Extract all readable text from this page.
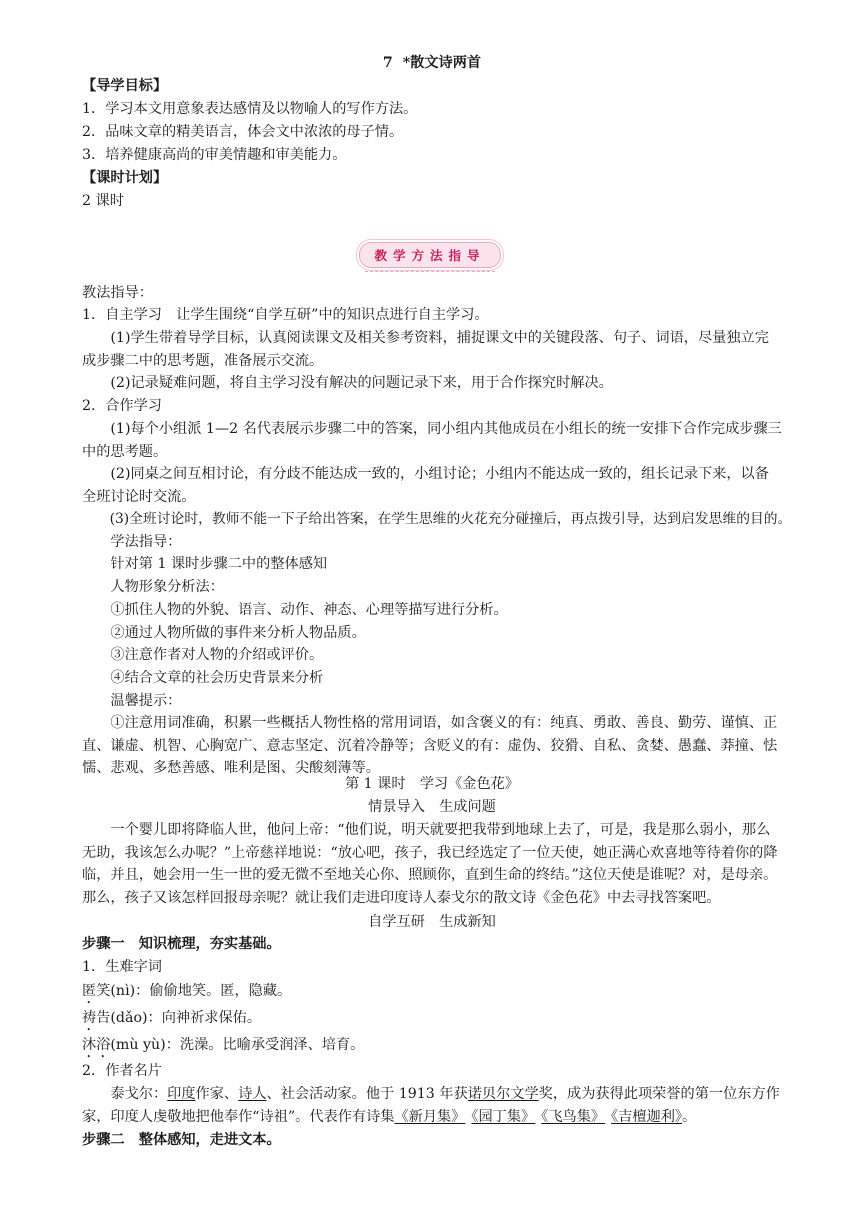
7 *散文诗两首
【导学目标】
1．学习本文用意象表达感情及以物喻人的写作方法。
2．品味文章的精美语言，体会文中浓浓的母子情。
3．培养健康高尚的审美情趣和审美能力。
【课时计划】
2 课时
教学方法指导
教法指导：
1．自主学习　让学生围绕“自学互研”中的知识点进行自主学习。
(1)学生带着导学目标，认真阅读课文及相关参考资料，捕捉课文中的关键段落、句子、词语，尽量独立完成步骤二中的思考题，准备展示交流。
(2)记录疑难问题，将自主学习没有解决的问题记录下来，用于合作探究时解决。
2．合作学习
(1)每个小组派 1—2 名代表展示步骤二中的答案，同小组内其他成员在小组长的统一安排下合作完成步骤三中的思考题。
(2)同桌之间互相讨论，有分歧不能达成一致的，小组讨论；小组内不能达成一致的，组长记录下来，以备全班讨论时交流。
(3)全班讨论时，教师不能一下子给出答案，在学生思维的火花充分碰撞后，再点拨引导，达到启发思维的目的。
学法指导：
针对第 1 课时步骤二中的整体感知
人物形象分析法：
①抓住人物的外貌、语言、动作、神态、心理等描写进行分析。
②通过人物所做的事件来分析人物品质。
③注意作者对人物的介绍或评价。
④结合文章的社会历史背景来分析
温馨提示：
①注意用词准确，积累一些概括人物性格的常用词语，如含褒义的有：纯真、勇敢、善良、勤劳、谨慎、正直、谦虚、机智、心胸宽广、意志坚定、沉着冷静等；含贬义的有：虚伪、狡猾、自私、贪婪、愚蠢、莽撞、怯懦、悲观、多愁善感、唯利是图、尖酸刻薄等。
第 1 课时　学习《金色花》
情景导入　生成问题
一个婴儿即将降临人世，他问上帝：“他们说，明天就要把我带到地球上去了，可是，我是那么弱小，那么无助，我该怎么办呢？”上帝慈祥地说：“放心吧，孩子，我已经选定了一位天使，她正满心欢喜地等待着你的降临，并且，她会用一生一世的爱无微不至地关心你、照顾你，直到生命的终结。”这位天使是谁呢？对，是母亲。那么，孩子又该怎样回报母亲呢？就让我们走进印度诗人泰戈尔的散文诗《金色花》中去寻找答案吧。
自学互研　生成新知
步骤一　知识梳理，夯实基础。
1．生难字词
匿笑(nì)：偷偷地笑。匿，隐藏。
祷告(dǎo)：向神祈求保佑。
沐浴(mù yù)：洗澡。比喻承受润泽、培育。
2．作者名片
泰戈尔：印度作家、诗人、社会活动家。他于 1913 年获诺贝尔文学奖，成为获得此项荣誉的第一位东方作家，印度人虔敬地把他奉作“诗祖”。代表作有诗集《新月集》 《园丁集》 《飞鸟集》 《吉檀迦利》。
步骤二　整体感知，走进文本。
